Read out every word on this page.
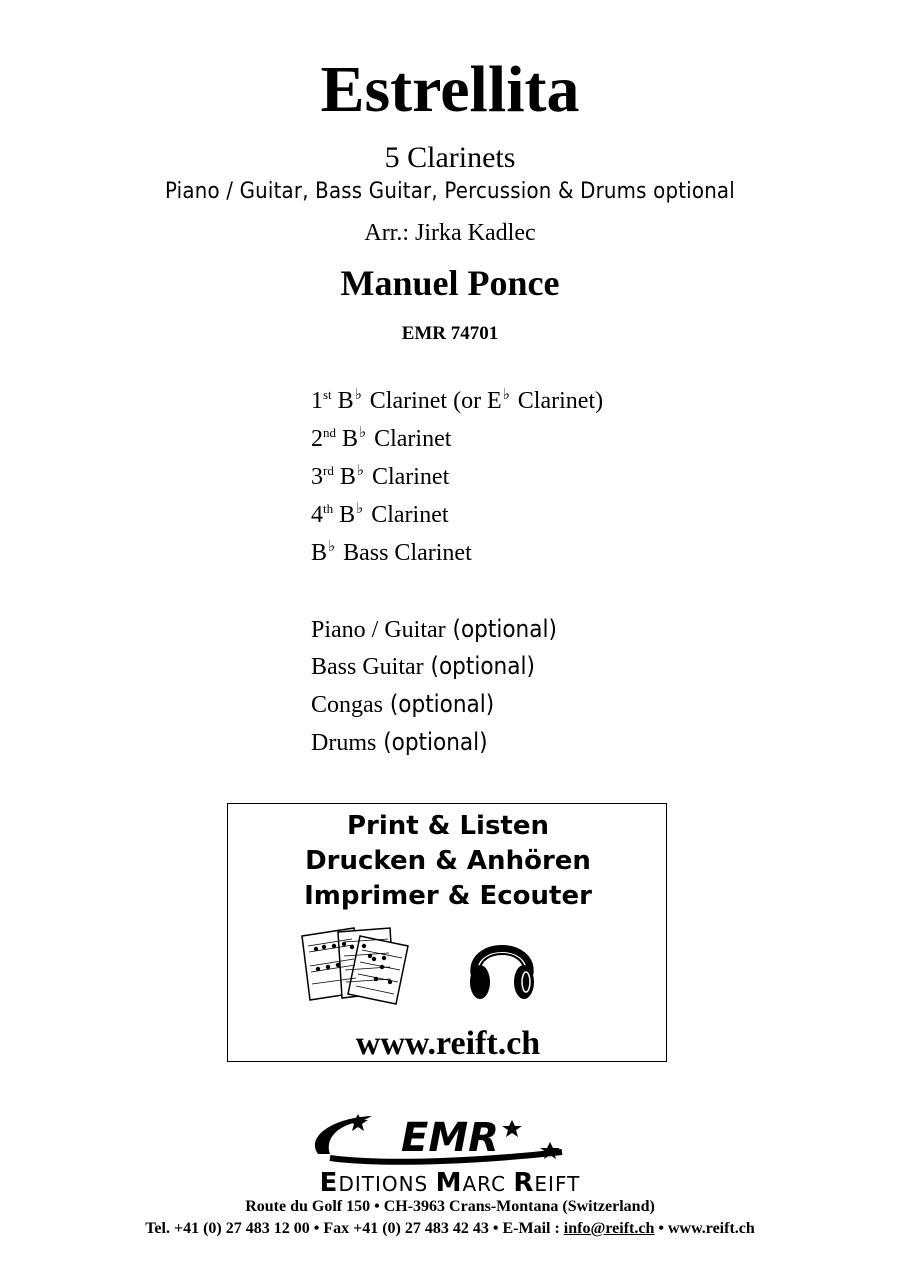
Estrellita
5 Clarinets
Piano / Guitar, Bass Guitar, Percussion & Drums optional
Arr.: Jirka Kadlec
Manuel Ponce
EMR 74701
1st B♭ Clarinet (or E♭ Clarinet)
2nd B♭ Clarinet
3rd B♭ Clarinet
4th B♭ Clarinet
B♭ Bass Clarinet
Piano / Guitar (optional)
Bass Guitar (optional)
Congas (optional)
Drums (optional)
Print & Listen
Drucken & Anhören
Imprimer & Ecouter
www.reift.ch
EMR
EDITIONS MARC REIFT
Route du Golf 150 • CH-3963 Crans-Montana (Switzerland)
Tel. +41 (0) 27 483 12 00 • Fax +41 (0) 27 483 42 43 • E-Mail : info@reift.ch • www.reift.ch
